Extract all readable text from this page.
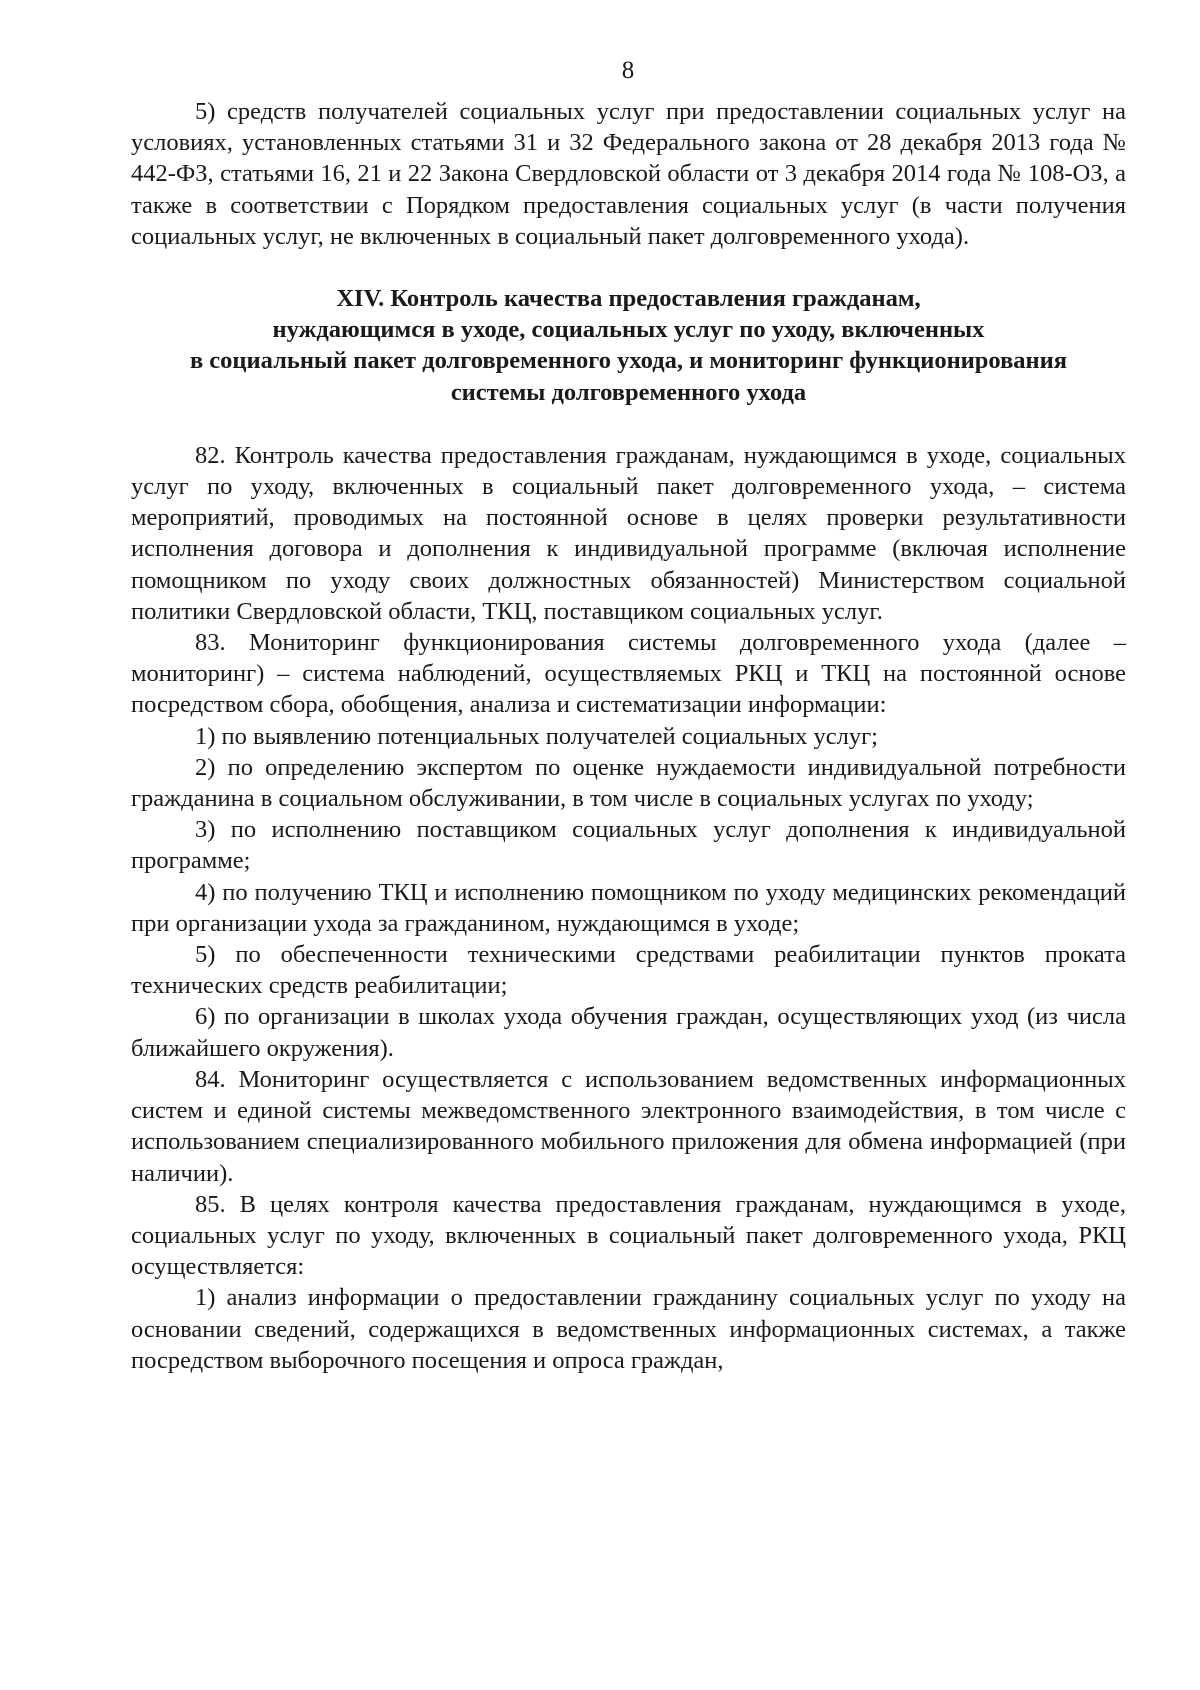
8

5) средств получателей социальных услуг при предоставлении социальных услуг на условиях, установленных статьями 31 и 32 Федерального закона от 28 декабря 2013 года № 442-ФЗ, статьями 16, 21 и 22 Закона Свердловской области от 3 декабря 2014 года № 108-ОЗ, а также в соответствии с Порядком предоставления социальных услуг (в части получения социальных услуг, не включенных в социальный пакет долговременного ухода).

XIV. Контроль качества предоставления гражданам,
нуждающимся в уходе, социальных услуг по уходу, включенных
в социальный пакет долговременного ухода, и мониторинг функционирования
системы долговременного ухода

82. Контроль качества предоставления гражданам, нуждающимся в уходе, социальных услуг по уходу, включенных в социальный пакет долговременного ухода, – система мероприятий, проводимых на постоянной основе в целях проверки результативности исполнения договора и дополнения к индивидуальной программе (включая исполнение помощником по уходу своих должностных обязанностей) Министерством социальной политики Свердловской области, ТКЦ, поставщиком социальных услуг.

83. Мониторинг функционирования системы долговременного ухода (далее – мониторинг) – система наблюдений, осуществляемых РКЦ и ТКЦ на постоянной основе посредством сбора, обобщения, анализа и систематизации информации:

1) по выявлению потенциальных получателей социальных услуг;

2) по определению экспертом по оценке нуждаемости индивидуальной потребности гражданина в социальном обслуживании, в том числе в социальных услугах по уходу;

3) по исполнению поставщиком социальных услуг дополнения к индивидуальной программе;

4) по получению ТКЦ и исполнению помощником по уходу медицинских рекомендаций при организации ухода за гражданином, нуждающимся в уходе;

5) по обеспеченности техническими средствами реабилитации пунктов проката технических средств реабилитации;

6) по организации в школах ухода обучения граждан, осуществляющих уход (из числа ближайшего окружения).

84. Мониторинг осуществляется с использованием ведомственных информационных систем и единой системы межведомственного электронного взаимодействия, в том числе с использованием специализированного мобильного приложения для обмена информацией (при наличии).

85. В целях контроля качества предоставления гражданам, нуждающимся в уходе, социальных услуг по уходу, включенных в социальный пакет долговременного ухода, РКЦ осуществляется:

1) анализ информации о предоставлении гражданину социальных услуг по уходу на основании сведений, содержащихся в ведомственных информационных системах, а также посредством выборочного посещения и опроса граждан,
